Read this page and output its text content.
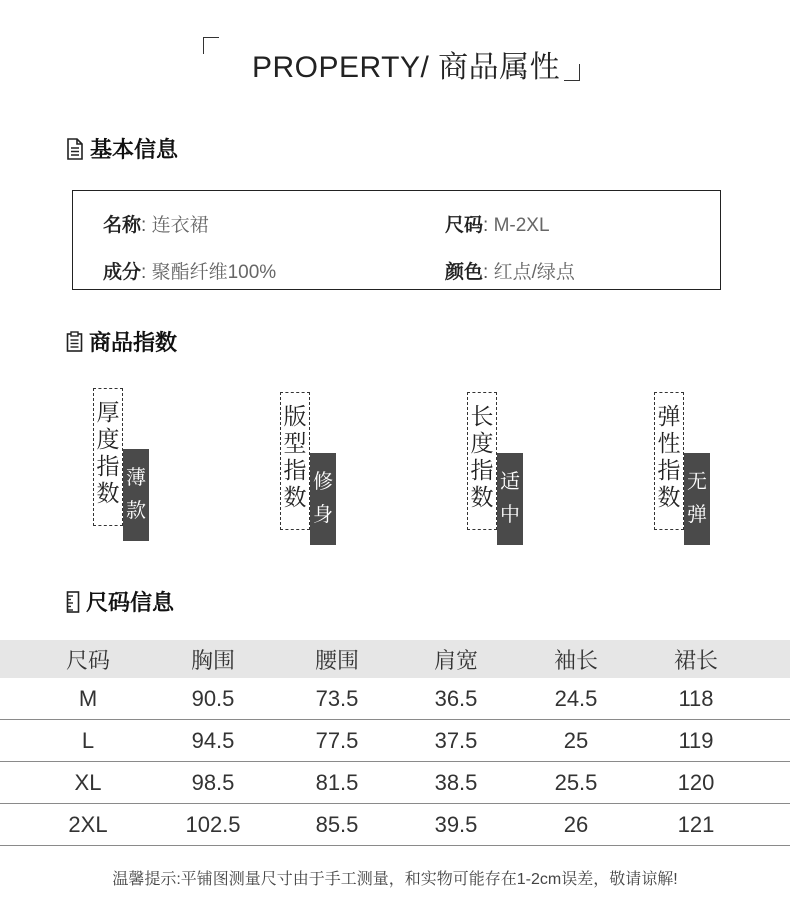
PROPERTY/ 商品属性
基本信息
名称: 连衣裙	尺码: M-2XL
成分: 聚酯纤维100%	颜色: 红点/绿点
商品指数
厚
度
指
数
薄
款
版
型
指
数
修
身
长
度
指
数
适
中
弹
性
指
数
无
弹
尺码信息
尺码	胸围	腰围	肩宽	袖长	裙长
M	90.5	73.5	36.5	24.5	118
L	94.5	77.5	37.5	25	119
XL	98.5	81.5	38.5	25.5	120
2XL	102.5	85.5	39.5	26	121
温馨提示:平铺图测量尺寸由于手工测量，和实物可能存在1-2cm误差，敬请谅解!
